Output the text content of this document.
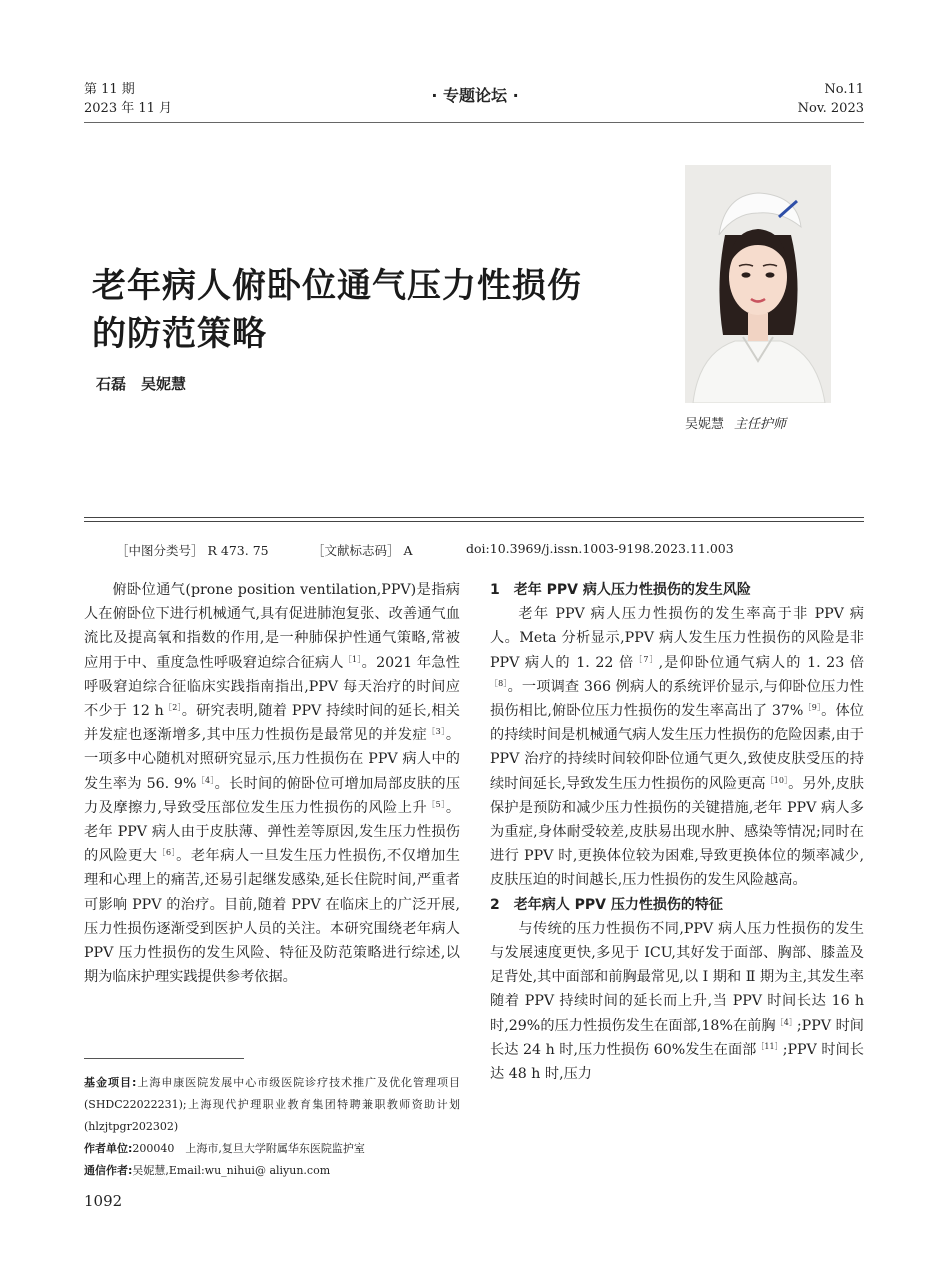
第 11 期
2023 年 11 月
· 专题论坛 ·	No.11
Nov. 2023
老年病人俯卧位通气压力性损伤
的防范策略
石磊　吴妮慧
吴妮慧 主任护师
［中图分类号］ R 473. 75	［文献标志码］ A	doi:10.3969/j.issn.1003-9198.2023.11.003

俯卧位通气(prone position ventilation,PPV)是指病人在俯卧位下进行机械通气,具有促进肺泡复张、改善通气血流比及提高氧和指数的作用,是一种肺保护性通气策略,常被应用于中、重度急性呼吸窘迫综合征病人$^{[1]}$。2021 年急性呼吸窘迫综合征临床实践指南指出,PPV 每天治疗的时间应不少于 12 $h^{[2]}$。研究表明,随着 PPV 持续时间的延长,相关并发症也逐渐增多,其中压力性损伤是最常见的并发症$^{[3]}$。一项多中心随机对照研究显示,压力性损伤在 PPV 病人中的发生率为 56. 9%$^{[4]}$。长时间的俯卧位可增加局部皮肤的压力及摩擦力,导致受压部位发生压力性损伤的风险上升$^{[5]}$。老年 PPV 病人由于皮肤薄、弹性差等原因,发生压力性损伤的风险更大$^{[6]}$。老年病人一旦发生压力性损伤,不仅增加生理和心理上的痛苦,还易引起继发感染,延长住院时间,严重者可影响 PPV 的治疗。目前,随着 PPV 在临床上的广泛开展,压力性损伤逐渐受到医护人员的关注。本研究围绕老年病人 PPV 压力性损伤的发生风险、特征及防范策略进行综述,以期为临床护理实践提供参考依据。

基金项目:上海申康医院发展中心市级医院诊疗技术推广及优化管理项目(SHDC22022231);上海现代护理职业教育集团特聘兼职教师资助计划(hlzjtpgr202302)
作者单位:200040　上海市,复旦大学附属华东医院监护室
通信作者:吴妮慧,Email:wu_nihui@ aliyun.com
1092

1　老年 PPV 病人压力性损伤的发生风险

老年 PPV 病人压力性损伤的发生率高于非 PPV 病人。Meta 分析显示,PPV 病人发生压力性损伤的风险是非 PPV 病人的 1. 22 倍$^{[7]}$,是仰卧位通气病人的 1. 23 倍$^{[8]}$。一项调查 366 例病人的系统评价显示,与仰卧位压力性损伤相比,俯卧位压力性损伤的发生率高出了 37%$^{[9]}$。体位的持续时间是机械通气病人发生压力性损伤的危险因素,由于 PPV 治疗的持续时间较仰卧位通气更久,致使皮肤受压的持续时间延长,导致发生压力性损伤的风险更高$^{[10]}$。另外,皮肤保护是预防和减少压力性损伤的关键措施,老年 PPV 病人多为重症,身体耐受较差,皮肤易出现水肿、感染等情况;同时在进行 PPV 时,更换体位较为困难,导致更换体位的频率减少,皮肤压迫的时间越长,压力性损伤的发生风险越高。

2　老年病人 PPV 压力性损伤的特征

与传统的压力性损伤不同,PPV 病人压力性损伤的发生与发展速度更快,多见于 ICU,其好发于面部、胸部、膝盖及足背处,其中面部和前胸最常见,以 Ⅰ 期和 Ⅱ 期为主,其发生率随着 PPV 持续时间的延长而上升,当 PPV 时间长达 16 h 时,29%的压力性损伤发生在面部,18%在前胸$^{[4]}$;PPV 时间长达 24 h 时,压力性损伤 60%发生在面部$^{[11]}$;PPV 时间长达 48 h 时,压力
